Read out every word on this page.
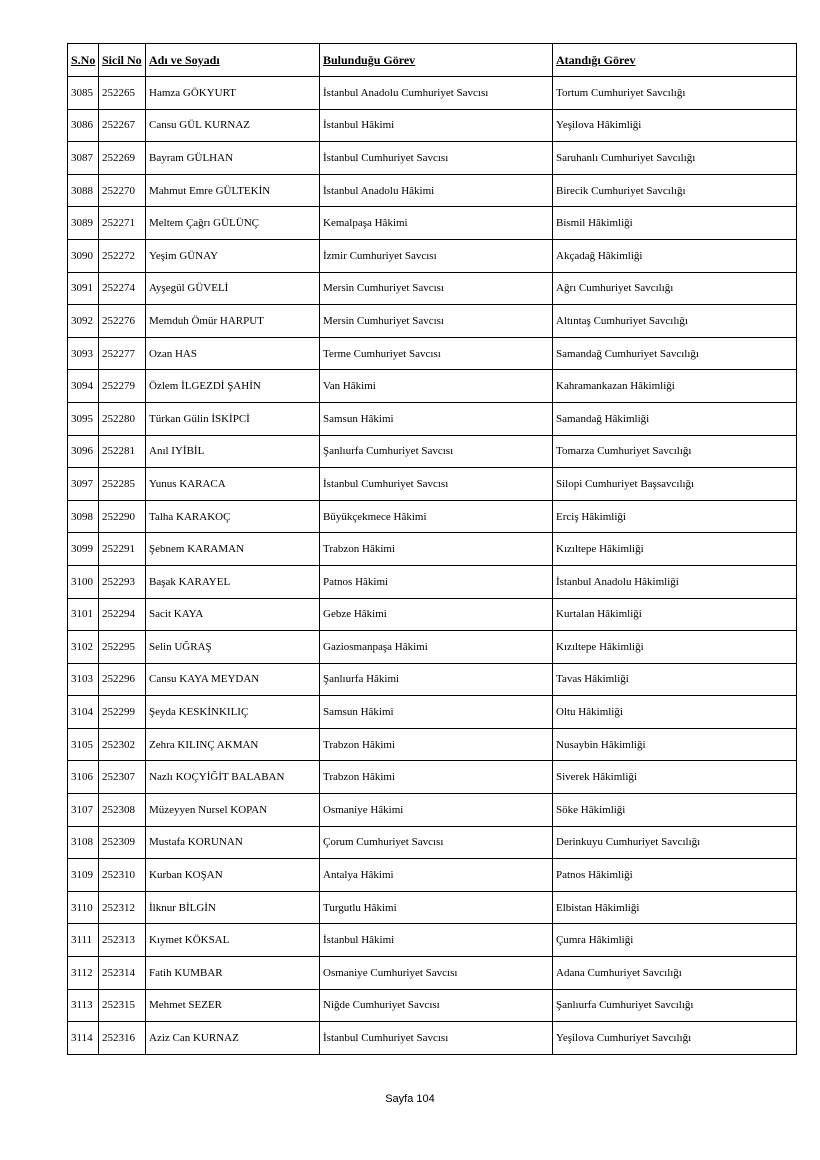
S.No	Sicil No	Adı ve Soyadı	Bulunduğu Görev	Atandığı Görev
3085	252265	Hamza GÖKYURT	İstanbul Anadolu Cumhuriyet Savcısı	Tortum Cumhuriyet Savcılığı
3086	252267	Cansu GÜL KURNAZ	İstanbul Hâkimi	Yeşilova Hâkimliği
3087	252269	Bayram GÜLHAN	İstanbul Cumhuriyet Savcısı	Saruhanlı Cumhuriyet Savcılığı
3088	252270	Mahmut Emre GÜLTEKİN	İstanbul Anadolu Hâkimi	Birecik Cumhuriyet Savcılığı
3089	252271	Meltem Çağrı GÜLÜNÇ	Kemalpaşa Hâkimi	Bismil Hâkimliği
3090	252272	Yeşim GÜNAY	İzmir Cumhuriyet Savcısı	Akçadağ Hâkimliği
3091	252274	Ayşegül GÜVELİ	Mersin Cumhuriyet Savcısı	Ağrı Cumhuriyet Savcılığı
3092	252276	Memduh Ömür HARPUT	Mersin Cumhuriyet Savcısı	Altıntaş Cumhuriyet Savcılığı
3093	252277	Ozan HAS	Terme Cumhuriyet Savcısı	Samandağ Cumhuriyet Savcılığı
3094	252279	Özlem İLGEZDİ ŞAHİN	Van Hâkimi	Kahramankazan Hâkimliği
3095	252280	Türkan Gülin İSKİPCİ	Samsun Hâkimi	Samandağ Hâkimliği
3096	252281	Anıl IYİBİL	Şanlıurfa Cumhuriyet Savcısı	Tomarza Cumhuriyet Savcılığı
3097	252285	Yunus KARACA	İstanbul Cumhuriyet Savcısı	Silopi Cumhuriyet Başsavcılığı
3098	252290	Talha KARAKOÇ	Büyükçekmece Hâkimi	Erciş Hâkimliği
3099	252291	Şebnem KARAMAN	Trabzon Hâkimi	Kızıltepe Hâkimliği
3100	252293	Başak KARAYEL	Patnos Hâkimi	İstanbul Anadolu Hâkimliği
3101	252294	Sacit KAYA	Gebze Hâkimi	Kurtalan Hâkimliği
3102	252295	Selin UĞRAŞ	Gaziosmanpaşa Hâkimi	Kızıltepe Hâkimliği
3103	252296	Cansu KAYA MEYDAN	Şanlıurfa Hâkimi	Tavas Hâkimliği
3104	252299	Şeyda KESKİNKILIÇ	Samsun Hâkimi	Oltu Hâkimliği
3105	252302	Zehra KILINÇ AKMAN	Trabzon Hâkimi	Nusaybin Hâkimliği
3106	252307	Nazlı KOÇYİĞİT BALABAN	Trabzon Hâkimi	Siverek Hâkimliği
3107	252308	Müzeyyen Nursel KOPAN	Osmaniye Hâkimi	Söke Hâkimliği
3108	252309	Mustafa KORUNAN	Çorum Cumhuriyet Savcısı	Derinkuyu Cumhuriyet Savcılığı
3109	252310	Kurban KOŞAN	Antalya Hâkimi	Patnos Hâkimliği
3110	252312	İlknur BİLGİN	Turgutlu Hâkimi	Elbistan Hâkimliği
3111	252313	Kıymet KÖKSAL	İstanbul Hâkimi	Çumra Hâkimliği
3112	252314	Fatih KUMBAR	Osmaniye Cumhuriyet Savcısı	Adana Cumhuriyet Savcılığı
3113	252315	Mehmet SEZER	Niğde Cumhuriyet Savcısı	Şanlıurfa Cumhuriyet Savcılığı
3114	252316	Aziz Can KURNAZ	İstanbul Cumhuriyet Savcısı	Yeşilova Cumhuriyet Savcılığı
Sayfa 104
